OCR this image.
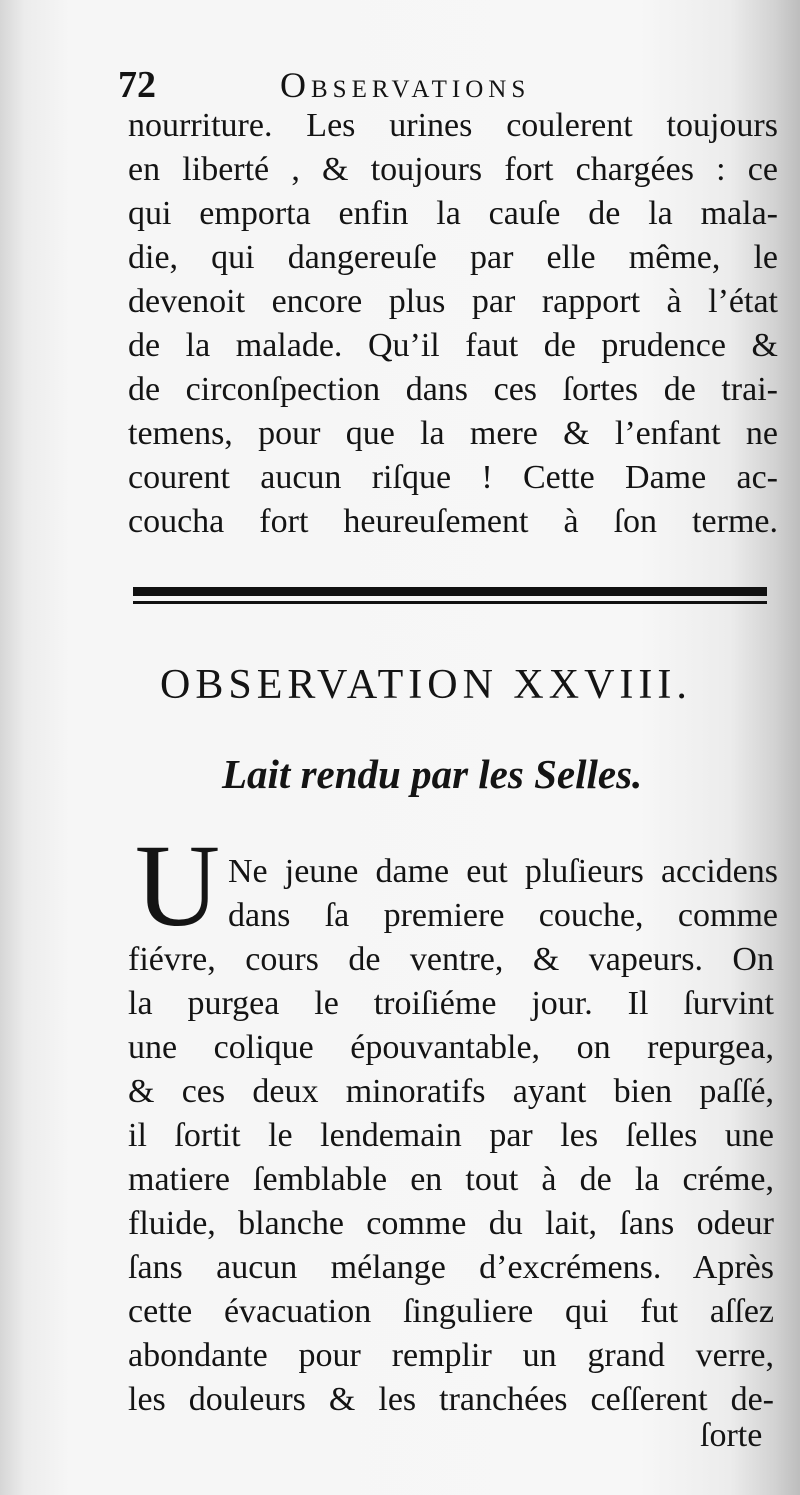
72	Observations
nourriture. Les urines coulerent toujours
en liberté , & toujours fort chargées : ce
qui emporta enfin la cauſe de la mala-
die, qui dangereuſe par elle même, le
devenoit encore plus par rapport à l’état
de la malade. Qu’il faut de prudence &
de circonſpection dans ces ſortes de trai-
temens, pour que la mere & l’enfant ne
courent aucun riſque ! Cette Dame ac-
coucha fort heureuſement à ſon terme.
OBSERVATION XXVIII.
Lait rendu par les Selles.
U Ne jeune dame eut pluſieurs accidens
dans ſa premiere couche, comme
fiévre, cours de ventre, & vapeurs. On
la purgea le troiſiéme jour. Il ſurvint
une colique épouvantable, on repurgea,
& ces deux minoratifs ayant bien paſſé,
il ſortit le lendemain par les ſelles une
matiere ſemblable en tout à de la créme,
fluide, blanche comme du lait, ſans odeur
ſans aucun mélange d’excrémens. Après
cette évacuation ſinguliere qui fut aſſez
abondante pour remplir un grand verre,
les douleurs & les tranchées ceſſerent de-
ſorte
